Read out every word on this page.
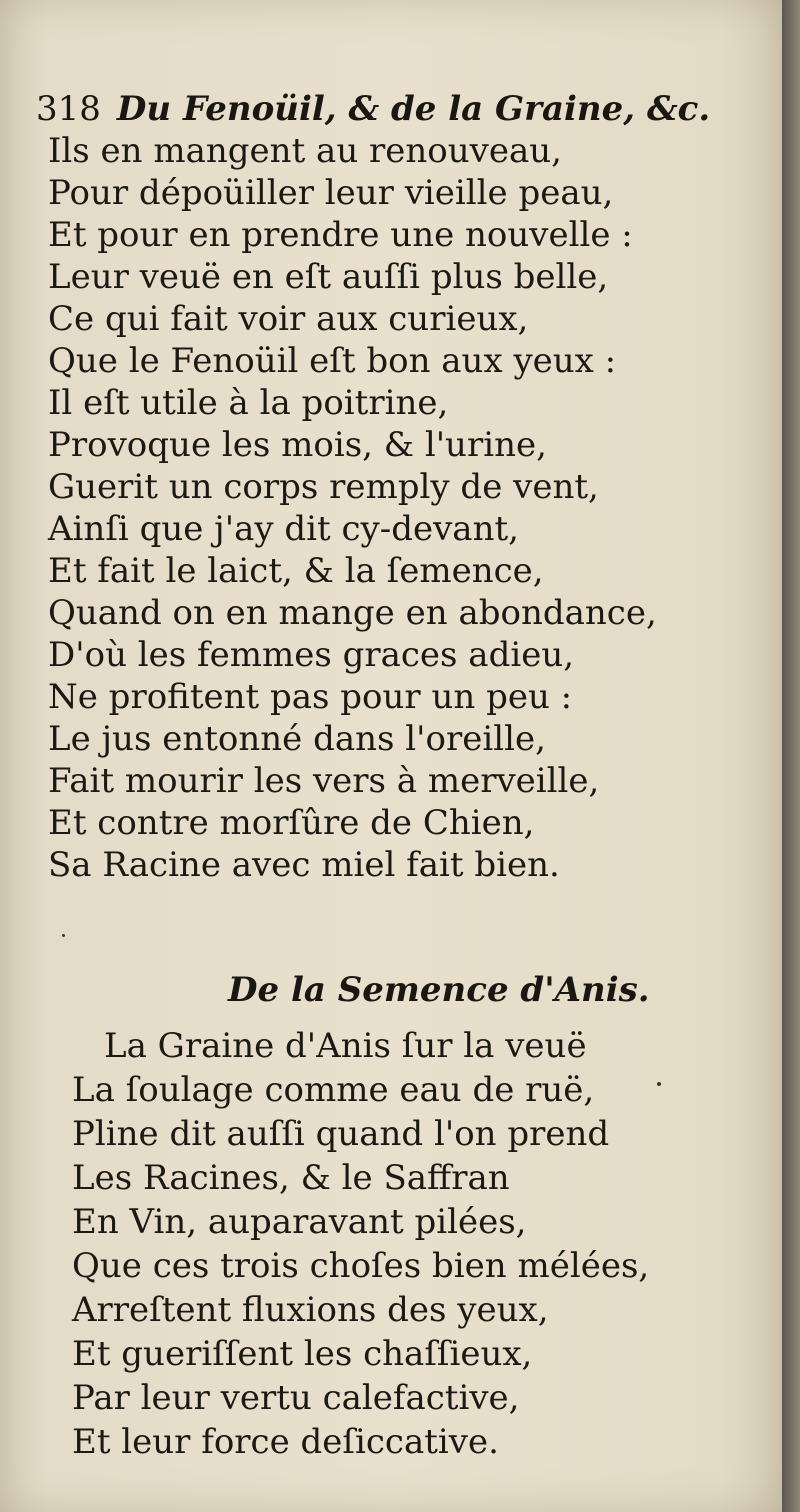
318 Du Fenoüil, & de la Graine, &c.
Ils en mangent au renouveau,
Pour dépoüiller leur vieille peau,
Et pour en prendre une nouvelle :
Leur veuë en eſt auſſi plus belle,
Ce qui fait voir aux curieux,
Que le Fenoüil eſt bon aux yeux :
Il eſt utile à la poitrine,
Provoque les mois, & l'urine,
Guerit un corps remply de vent,
Ainſi que j'ay dit cy-devant,
Et fait le laict, & la ſemence,
Quand on en mange en abondance,
D'où les femmes graces adieu,
Ne profitent pas pour un peu :
Le jus entonné dans l'oreille,
Fait mourir les vers à merveille,
Et contre morſûre de Chien,
Sa Racine avec miel fait bien.
De la Semence d'Anis.
La Graine d'Anis ſur la veuë
La ſoulage comme eau de ruë,
Pline dit auſſi quand l'on prend
Les Racines, & le Saffran
En Vin, auparavant pilées,
Que ces trois choſes bien mélées,
Arreſtent fluxions des yeux,
Et gueriſſent les chaſſieux,
Par leur vertu calefactive,
Et leur force deſiccative.
